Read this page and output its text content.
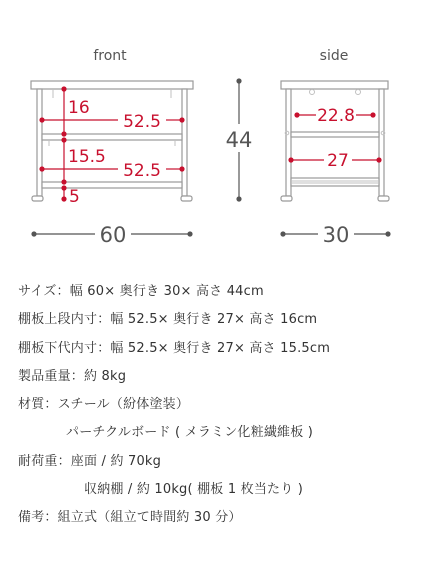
front	side
16
52.5
15.5
52.5
5
44
60
22.8
27
30
サイズ：幅 60× 奥行き 30× 高さ 44cm
棚板上段内寸：幅 52.5× 奥行き 27× 高さ 16cm
棚板下代内寸：幅 52.5× 奥行き 27× 高さ 15.5cm
製品重量：約 8kg
材質：スチール（紛体塗装）
パーチクルボード ( メラミン化粧繊維板 )
耐荷重：座面 / 約 70kg
収納棚 / 約 10kg( 棚板 1 枚当たり )
備考：組立式（組立て時間約 30 分）
